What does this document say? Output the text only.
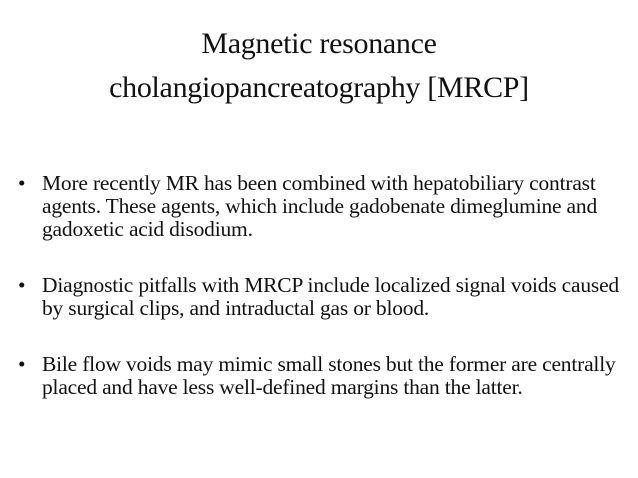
Magnetic resonance
cholangiopancreatography [MRCP]
• More recently MR has been combined with hepatobiliary contrast agents. These agents, which include gadobenate dimeglumine and gadoxetic acid disodium.
• Diagnostic pitfalls with MRCP include localized signal voids caused by surgical clips, and intraductal gas or blood.
• Bile flow voids may mimic small stones but the former are centrally placed and have less well-defined margins than the latter.
